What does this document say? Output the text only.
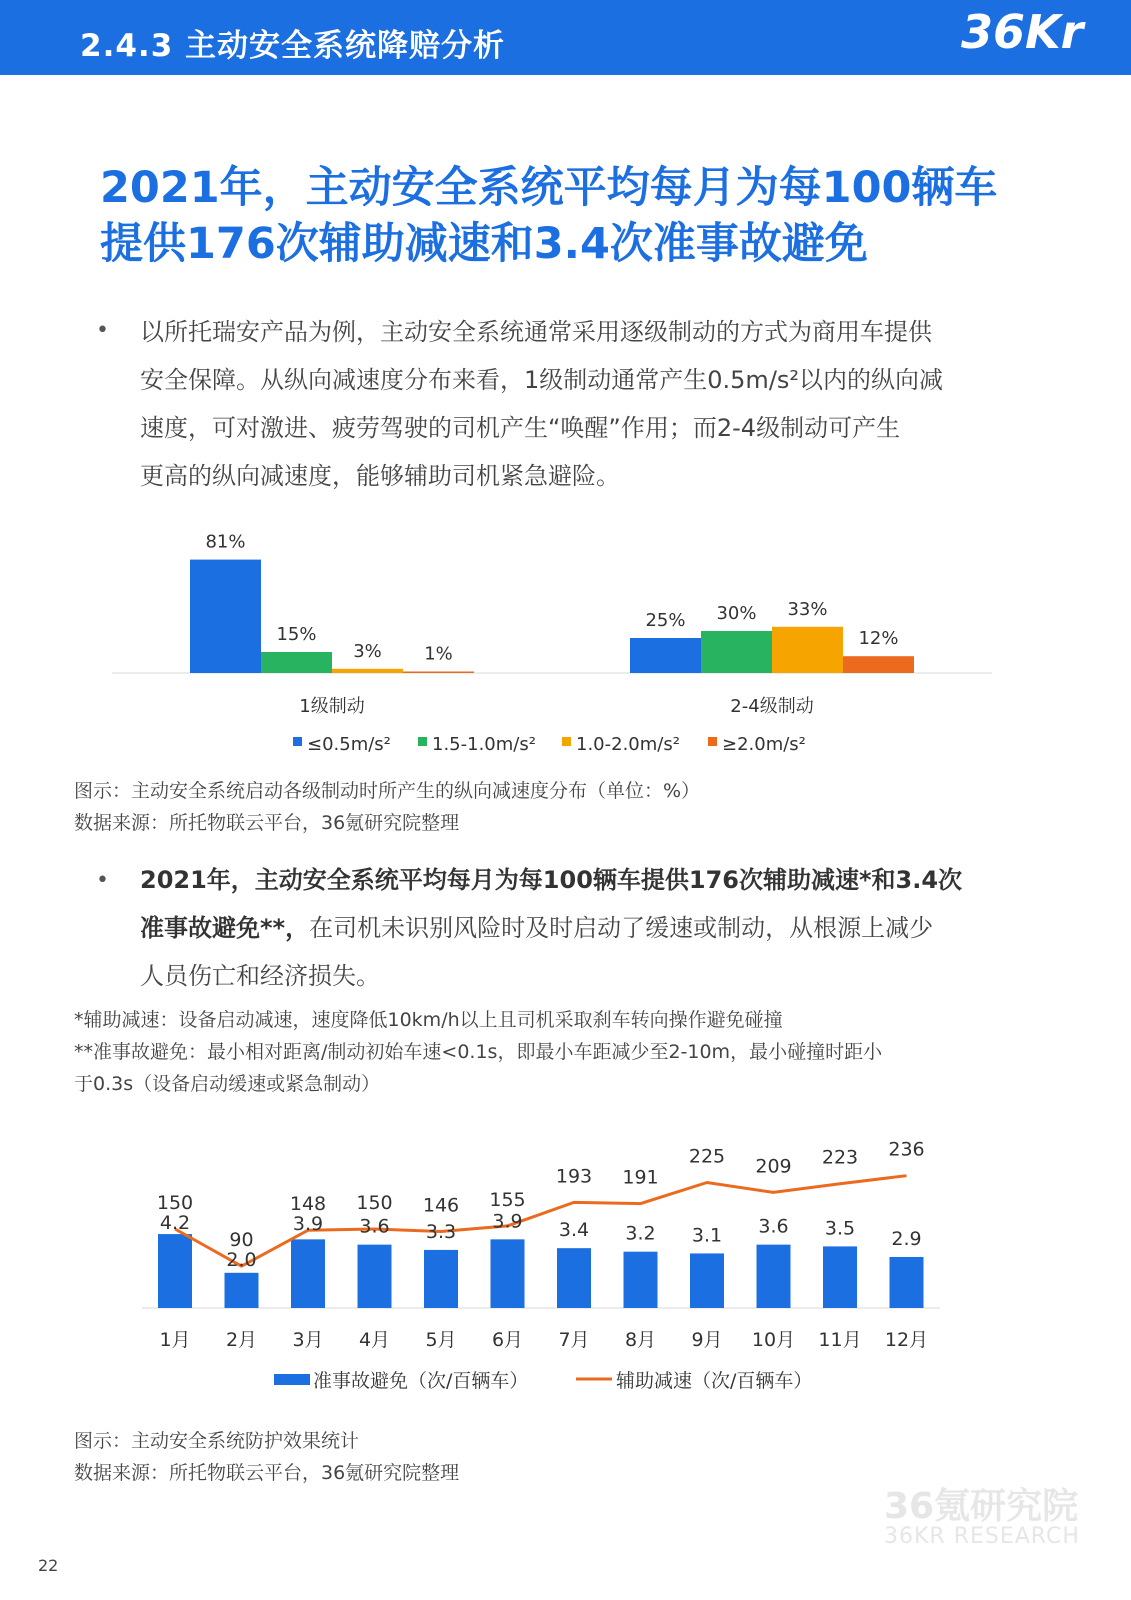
2.4.3 主动安全系统降赔分析	36Kr
2021年，主动安全系统平均每月为每100辆车
提供176次辅助减速和3.4次准事故避免
• 以所托瑞安产品为例，主动安全系统通常采用逐级制动的方式为商用车提供
安全保障。从纵向减速度分布来看，1级制动通常产生0.5m/s²以内的纵向减
速度，可对激进、疲劳驾驶的司机产生“唤醒”作用；而2-4级制动可产生
更高的纵向减速度，能够辅助司机紧急避险。
81%
15%
3% 1%
1级制动
25% 30% 33%
12%
2-4级制动
≤0.5m/s² 1.5-1.0m/s² 1.0-2.0m/s² ≥2.0m/s²
图示：主动安全系统启动各级制动时所产生的纵向减速度分布（单位：%）
数据来源：所托物联云平台，36氪研究院整理
• 2021年，主动安全系统平均每月为每100辆车提供176次辅助减速*和3.4次
准事故避免**，在司机未识别风险时及时启动了缓速或制动，从根源上减少
人员伤亡和经济损失。
*辅助减速：设备启动减速，速度降低10km/h以上且司机采取刹车转向操作避免碰撞
**准事故避免：最小相对距离/制动初始车速<0.1s，即最小车距减少至2-10m，最小碰撞时距小
于0.3s（设备启动缓速或紧急制动）
1月 2月 3月 4月 5月 6月 7月 8月 9月 10月 11月 12月
150
4.2
90
2.0
148
3.9
150
3.6
146
3.3
155
3.9
193
3.4
191
3.2
225
3.1
209
3.6
223
3.5
236
2.9
准事故避免（次/百辆车）	辅助减速（次/百辆车）
图示：主动安全系统防护效果统计
数据来源：所托物联云平台，36氪研究院整理
22
36氪研究院
36KR RESEARCH
